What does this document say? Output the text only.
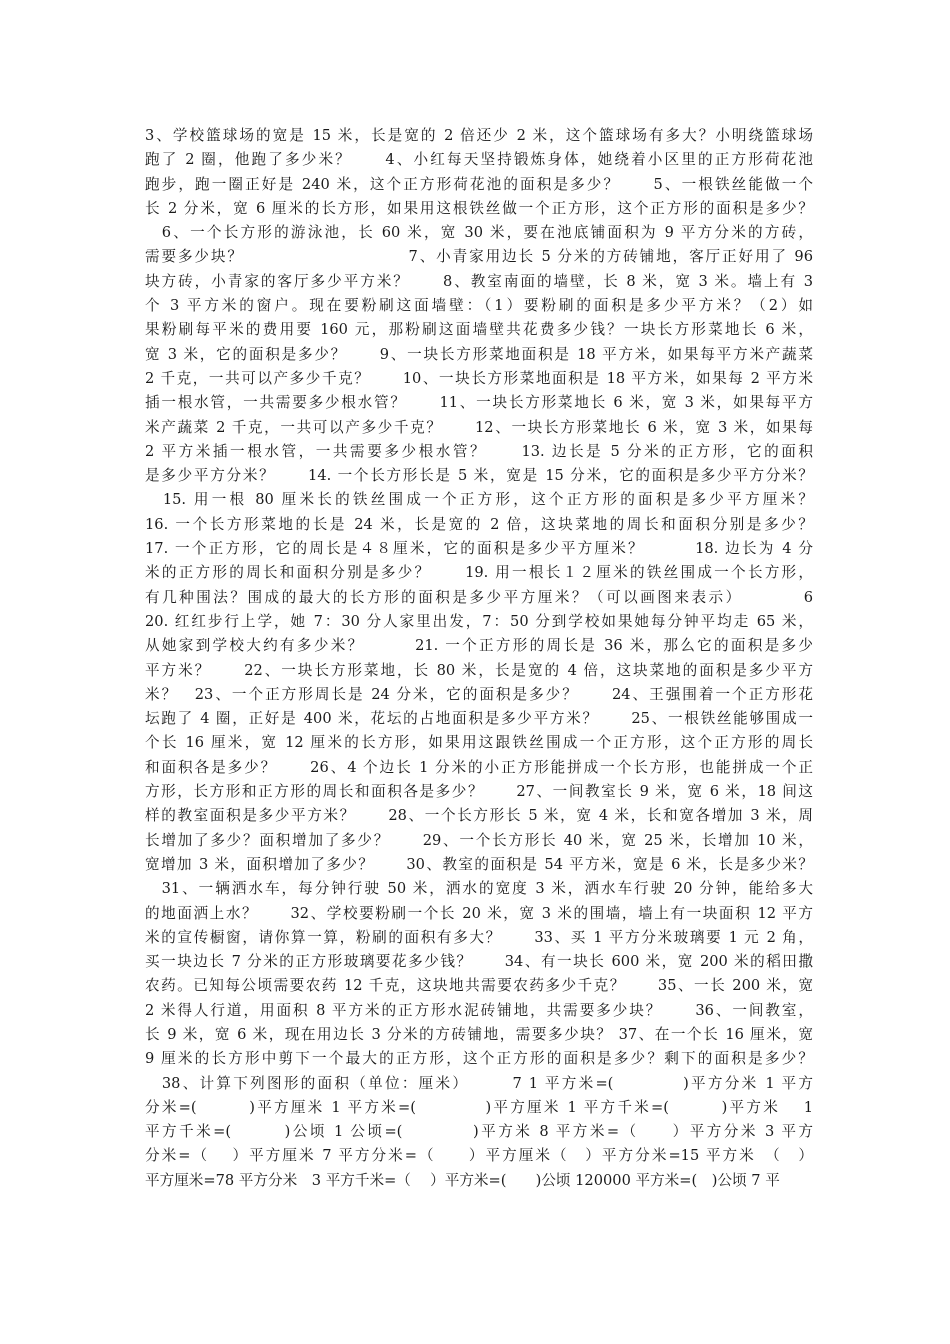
3、学校篮球场的宽是 15 米，长是宽的 2 倍还少 2 米，这个篮球场有多大？小明绕篮球场
跑了 2 圈，他跑了多少米？　　4、小红每天坚持锻炼身体，她绕着小区里的正方形荷花池
跑步，跑一圈正好是 240 米，这个正方形荷花池的面积是多少？　　5、一根铁丝能做一个
长 2 分米，宽 6 厘米的长方形，如果用这根铁丝做一个正方形，这个正方形的面积是多少？
　6、一个长方形的游泳池，长 60 米，宽 30 米，要在池底铺面积为 9 平方分米的方砖，
需要多少块？　　　　　　　　　　7、小青家用边长 5 分米的方砖铺地，客厅正好用了 96
块方砖，小青家的客厅多少平方米？　　8、教室南面的墙壁，长 8 米，宽 3 米。墙上有 3
个 3 平方米的窗户。现在要粉刷这面墙壁：（1）要粉刷的面积是多少平方米？（2）如
果粉刷每平米的费用要 160 元，那粉刷这面墙壁共花费多少钱？一块长方形菜地长 6 米，
宽 3 米，它的面积是多少？　　9、一块长方形菜地面积是 18 平方米，如果每平方米产蔬菜
2 千克，一共可以产多少千克？　　10、一块长方形菜地面积是 18 平方米，如果每 2 平方米
插一根水管，一共需要多少根水管？　　11、一块长方形菜地长 6 米，宽 3 米，如果每平方
米产蔬菜 2 千克，一共可以产多少千克？　　12、一块长方形菜地长 6 米，宽 3 米，如果每
2 平方米插一根水管，一共需要多少根水管？　　13. 边长是 5 分米的正方形，它的面积
是多少平方分米？　　14. 一个长方形长是 5 米，宽是 15 分米，它的面积是多少平方分米？
　15. 用一根 80 厘米长的铁丝围成一个正方形，这个正方形的面积是多少平方厘米？
16. 一个长方形菜地的长是 24 米，长是宽的 2 倍，这块菜地的周长和面积分别是多少？
17. 一个正方形，它的周长是４８厘米，它的面积是多少平方厘米？　　　18. 边长为 4 分
米的正方形的周长和面积分别是多少？　　19. 用一根长１２厘米的铁丝围成一个长方形，
有几种围法？围成的最大的长方形的面积是多少平方厘米？（可以画图来表示）　　　　6
20. 红红步行上学，她 7：30 分人家里出发，7：50 分到学校如果她每分钟平均走 65 米，
从她家到学校大约有多少米？　　　21. 一个正方形的周长是 36 米，那么它的面积是多少
平方米？　　22、一块长方形菜地，长 80 米，长是宽的 4 倍，这块菜地的面积是多少平方
米？　23、一个正方形周长是 24 分米，它的面积是多少？　　24、王强围着一个正方形花
坛跑了 4 圈，正好是 400 米，花坛的占地面积是多少平方米？　　25、一根铁丝能够围成一
个长 16 厘米，宽 12 厘米的长方形，如果用这跟铁丝围成一个正方形，这个正方形的周长
和面积各是多少？　　26、4 个边长 1 分米的小正方形能拼成一个长方形，也能拼成一个正
方形，长方形和正方形的周长和面积各是多少？　　27、一间教室长 9 米，宽 6 米，18 间这
样的教室面积是多少平方米？　　28、一个长方形长 5 米，宽 4 米，长和宽各增加 3 米，周
长增加了多少？面积增加了多少？　　29、一个长方形长 40 米，宽 25 米，长增加 10 米，
宽增加 3 米，面积增加了多少？　　30、教室的面积是 54 平方米，宽是 6 米，长是多少米？
　31、一辆洒水车，每分钟行驶 50 米，洒水的宽度 3 米，洒水车行驶 20 分钟，能给多大
的地面洒上水？　　32、学校要粉刷一个长 20 米，宽 3 米的围墙，墙上有一块面积 12 平方
米的宣传橱窗，请你算一算，粉刷的面积有多大？　　33、买 1 平方分米玻璃要 1 元 2 角，
买一块边长 7 分米的正方形玻璃要花多少钱？　　34、有一块长 600 米，宽 200 米的稻田撒
农药。已知每公顷需要农药 12 千克，这块地共需要农药多少千克？　　35、一长 200 米，宽
2 米得人行道，用面积 8 平方米的正方形水泥砖铺地，共需要多少块？　　36、一间教室，
长 9 米，宽 6 米，现在用边长 3 分米的方砖铺地，需要多少块？ 37、在一个长 16 厘米，宽
9 厘米的长方形中剪下一个最大的正方形，这个正方形的面积是多少？剩下的面积是多少？
　38、计算下列图形的面积（单位：厘米）　　　7 1 平方米=(　　　　)平方分米 1 平方
分米=(　　　)平方厘米 1 平方米=(　　　　)平方厘米 1 平方千米=(　　　)平方米　 1
平方千米=(　　　)公顷 1 公顷=(　　　　)平方米 8 平方米=（　　）平方分米 3 平方
分米=（　 ）平方厘米 7 平方分米=（　　）平方厘米（　）平方分米=15 平方米　（　）
平方厘米=78 平方分米　3 平方千米=（　 ）平方米=(　　)公顷 120000 平方米=(　)公顷 7 平
